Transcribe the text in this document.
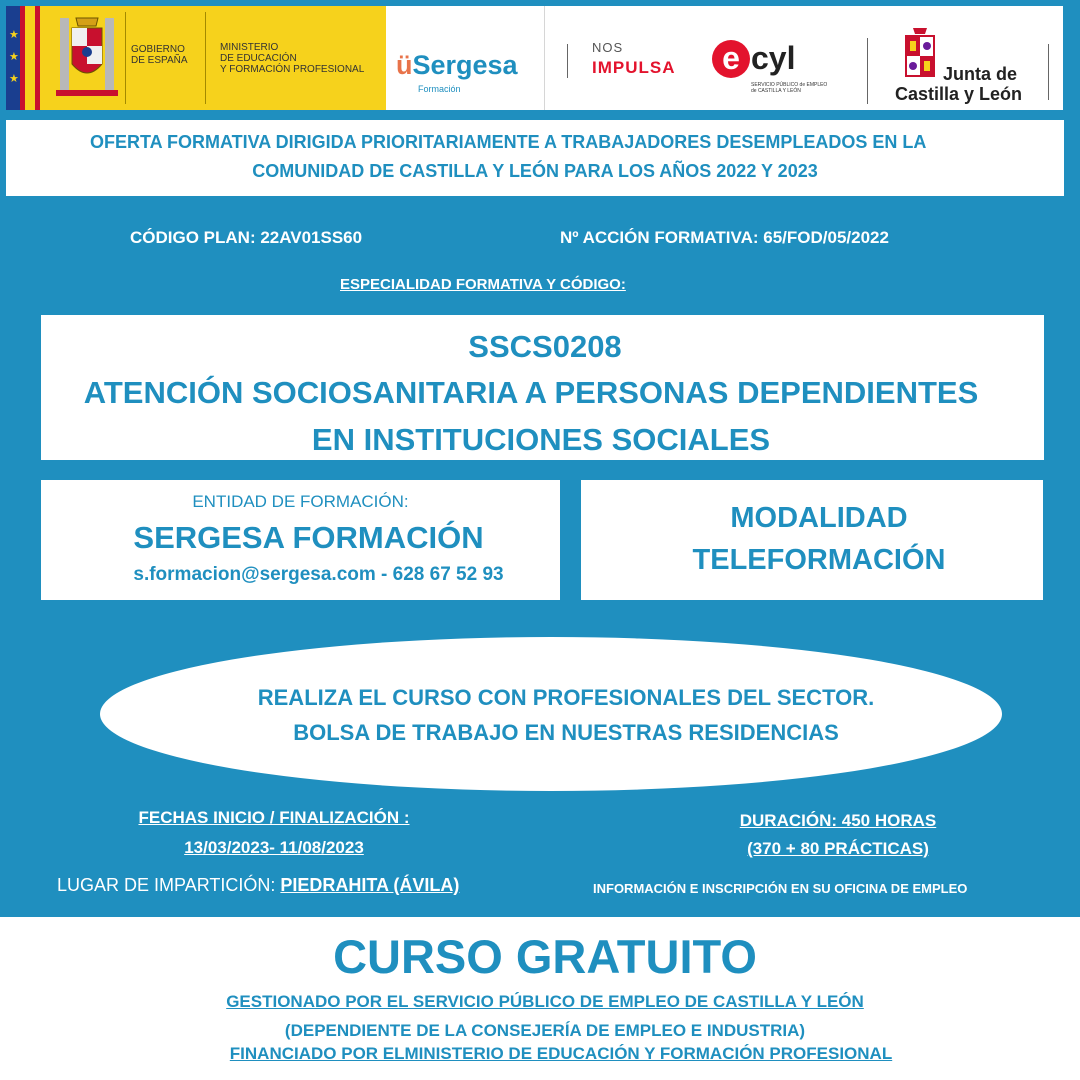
★
★
★
GOBIERNO
DE ESPAÑA
MINISTERIO
DE EDUCACIÓN
Y FORMACIÓN PROFESIONAL üSergesa
Formación
NOS
IMPULSA	e cyl
SERVICIO PÚBLICO de EMPLEO
de CASTILLA Y LEÓN
Junta de
Castilla y León
OFERTA FORMATIVA DIRIGIDA PRIORITARIAMENTE A TRABAJADORES DESEMPLEADOS EN LA
COMUNIDAD DE CASTILLA Y LEÓN PARA LOS AÑOS 2022 Y 2023
CÓDIGO PLAN: 22AV01SS60	Nº ACCIÓN FORMATIVA: 65/FOD/05/2022
ESPECIALIDAD FORMATIVA Y CÓDIGO:
SSCS0208
ATENCIÓN SOCIOSANITARIA A PERSONAS DEPENDIENTES
EN INSTITUCIONES SOCIALES
ENTIDAD DE FORMACIÓN:
SERGESA FORMACIÓN
s.formacion@sergesa.com - 628 67 52 93
MODALIDAD
TELEFORMACIÓN
REALIZA EL CURSO CON PROFESIONALES DEL SECTOR.
BOLSA DE TRABAJO EN NUESTRAS RESIDENCIAS
FECHAS INICIO / FINALIZACIÓN :
13/03/2023- 11/08/2023
DURACIÓN: 450 HORAS
(370 + 80 PRÁCTICAS)
LUGAR DE IMPARTICIÓN: PIEDRAHITA (ÁVILA)	INFORMACIÓN E INSCRIPCIÓN EN SU OFICINA DE EMPLEO
CURSO GRATUITO
GESTIONADO POR EL SERVICIO PÚBLICO DE EMPLEO DE CASTILLA Y LEÓN
(DEPENDIENTE DE LA CONSEJERÍA DE EMPLEO E INDUSTRIA)
FINANCIADO POR ELMINISTERIO DE EDUCACIÓN Y FORMACIÓN PROFESIONAL
